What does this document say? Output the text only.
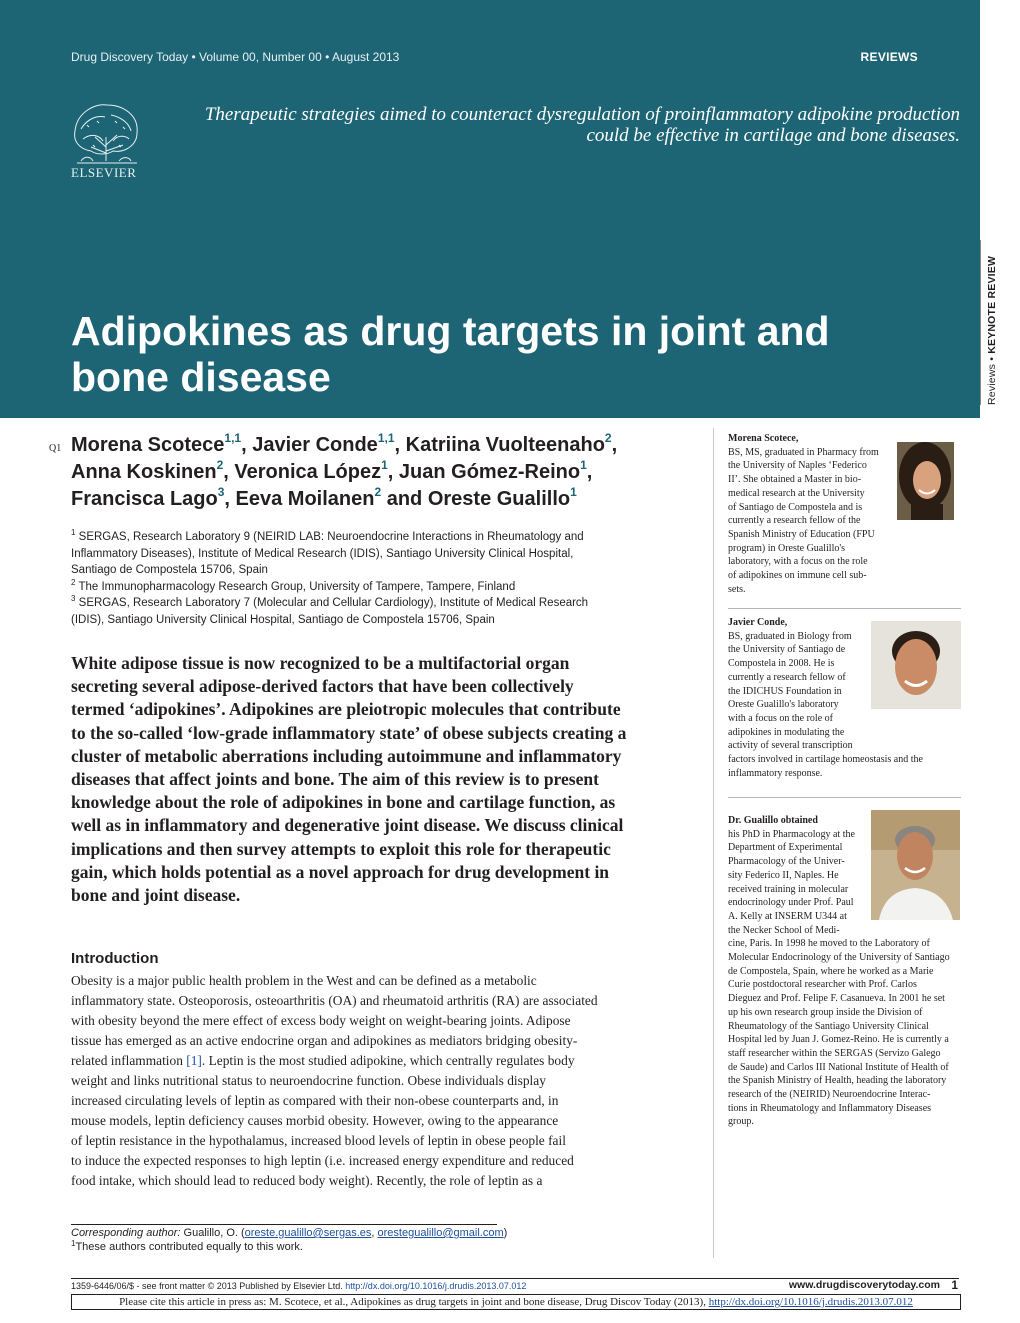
Drug Discovery Today • Volume 00, Number 00 • August 2013	REVIEWS
ELSEVIER
Therapeutic strategies aimed to counteract dysregulation of proinflammatory adipokine production could be effective in cartilage and bone diseases.
Adipokines as drug targets in joint and
bone disease	Reviews • KEYNOTE REVIEW
Q1 Morena Scotece$^{1,1}$, Javier Conde$^{1,1}$, Katriina Vuolteenaho$^2$,
Anna Koskinen$^2$, Veronica López$^1$, Juan Gómez-Reino$^1$,
Francisca Lago$^3$, Eeva Moilanen$^2$ and Oreste Gualillo$^1$
$^1$ SERGAS, Research Laboratory 9 (NEIRID LAB: Neuroendocrine Interactions in Rheumatology and
Inflammatory Diseases), Institute of Medical Research (IDIS), Santiago University Clinical Hospital,
Santiago de Compostela 15706, Spain
$^2$ The Immunopharmacology Research Group, University of Tampere, Tampere, Finland
$^3$ SERGAS, Research Laboratory 7 (Molecular and Cellular Cardiology), Institute of Medical Research
(IDIS), Santiago University Clinical Hospital, Santiago de Compostela 15706, Spain
White adipose tissue is now recognized to be a multifactorial organ
secreting several adipose-derived factors that have been collectively
termed ‘adipokines’. Adipokines are pleiotropic molecules that contribute
to the so-called ‘low-grade inflammatory state’ of obese subjects creating a
cluster of metabolic aberrations including autoimmune and inflammatory
diseases that affect joints and bone. The aim of this review is to present
knowledge about the role of adipokines in bone and cartilage function, as
well as in inflammatory and degenerative joint disease. We discuss clinical
implications and then survey attempts to exploit this role for therapeutic
gain, which holds potential as a novel approach for drug development in
bone and joint disease.
Introduction
Obesity is a major public health problem in the West and can be defined as a metabolic
inflammatory state. Osteoporosis, osteoarthritis (OA) and rheumatoid arthritis (RA) are associated
with obesity beyond the mere effect of excess body weight on weight-bearing joints. Adipose
tissue has emerged as an active endocrine organ and adipokines as mediators bridging obesity-
related inflammation [1]. Leptin is the most studied adipokine, which centrally regulates body
weight and links nutritional status to neuroendocrine function. Obese individuals display
increased circulating levels of leptin as compared with their non-obese counterparts and, in
mouse models, leptin deficiency causes morbid obesity. However, owing to the appearance
of leptin resistance in the hypothalamus, increased blood levels of leptin in obese people fail
to induce the expected responses to high leptin (i.e. increased energy expenditure and reduced
food intake, which should lead to reduced body weight). Recently, the role of leptin as a
Corresponding author: Gualillo, O. (oreste.gualillo@sergas.es, orestegualillo@gmail.com)
$^1$These authors contributed equally to this work.
1359-6446/06/$ - see front matter © 2013 Published by Elsevier Ltd. http://dx.doi.org/10.1016/j.drudis.2013.07.012	www.drugdiscoverytoday.com 1
Please cite this article in press as: M. Scotece, et al., Adipokines as drug targets in joint and bone disease, Drug Discov Today (2013), http://dx.doi.org/10.1016/j.drudis.2013.07.012
Morena Scotece,
BS, MS, graduated in Pharmacy from
the University of Naples ‘Federico
II’. She obtained a Master in bio-
medical research at the University
of Santiago de Compostela and is
currently a research fellow of the
Spanish Ministry of Education (FPU
program) in Oreste Gualillo's
laboratory, with a focus on the role
of adipokines on immune cell sub-
sets.
Javier Conde,
BS, graduated in Biology from
the University of Santiago de
Compostela in 2008. He is
currently a research fellow of
the IDICHUS Foundation in
Oreste Gualillo's laboratory
with a focus on the role of
adipokines in modulating the
activity of several transcription
factors involved in cartilage homeostasis and the
inflammatory response.
Dr. Gualillo obtained
his PhD in Pharmacology at the
Department of Experimental
Pharmacology of the Univer-
sity Federico II, Naples. He
received training in molecular
endocrinology under Prof. Paul
A. Kelly at INSERM U344 at
the Necker School of Medi-
cine, Paris. In 1998 he moved to the Laboratory of
Molecular Endocrinology of the University of Santiago
de Compostela, Spain, where he worked as a Marie
Curie postdoctoral researcher with Prof. Carlos
Dieguez and Prof. Felipe F. Casanueva. In 2001 he set
up his own research group inside the Division of
Rheumatology of the Santiago University Clinical
Hospital led by Juan J. Gomez-Reino. He is currently a
staff researcher within the SERGAS (Servizo Galego
de Saude) and Carlos III National Institute of Health of
the Spanish Ministry of Health, heading the laboratory
research of the (NEIRID) Neuroendocrine Interac-
tions in Rheumatology and Inflammatory Diseases
group.
